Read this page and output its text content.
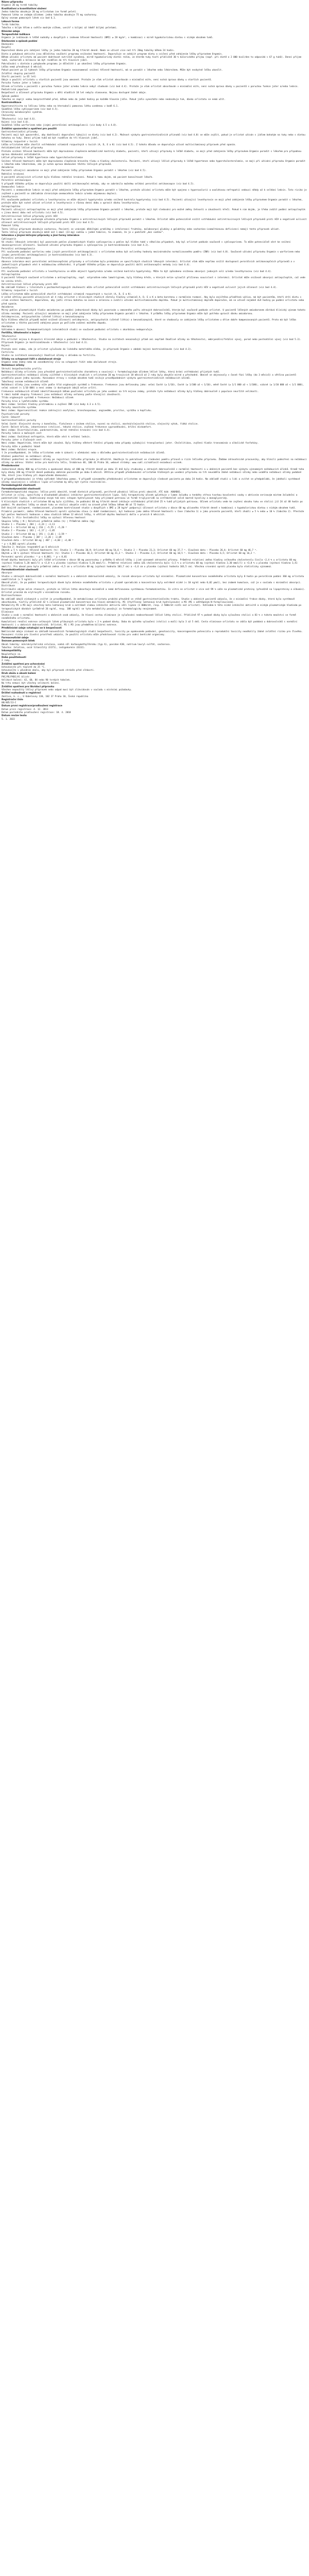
Název přípravku

Orgamin 20 mg tvrdé tobolky

Kvalitativní a kvantitativní složení

Jedna tobolka obsahuje 20 mg orlistatum (ve formě pelet).

Pomocná látka se známým účinkem: jedna tobolka obsahuje 75 mg sacharosy.

Úplný seznam pomocných látek viz bod 6.1.

Léková forma

Tvrdá tobolka.

Tobolka s bílým tělem a světle modrým víčkem, uvnitř s bílými až téměř bílými peletami.

Klinické údaje

Terapeutické indikace

Orgamin je indikován k léčbě nadváhy u dospělých s indexem tělesné hmotnosti (BMI) ≥ 28 kg/m², v kombinaci s mírně hypokalorickou dietou s nízkým obsahem tuků.

Dávkování a způsob podání

Dávkování

Dospělí

Doporučená dávka pro zahájení léčby je jedna tobolka 20 mg třikrát denně. Nemá se užívat více než tři 20mg tobolky během 24 hodin.

Dieta a pohybová aktivita jsou důležitou součástí programu snižování hmotnosti. Doporučuje se zahájit program diety a cvičení před zahájením léčby přípravkem Orgamin.

Během užívání orlistatu má pacient dodržovat nutričně vyvážený, mírně hypokalorický dietní režim, ve kterém tuky tvoří přibližně 30 % kalorického příjmu (např. při dietě o 2 000 kcal/den to odpovídá < 67 g tuků). Denní příjem tuků, sacharidů a bílkovin má být rozdělen do tří hlavních jídel.

Pokračování v dietním a pohybovém programu je důležité i po ukončení léčby přípravkem Orgamin.

Léčba nemá přesáhnout 6 měsíců.

Pokud pacient po 12 týdnech léčby přípravkem Orgamin nezaznamenal snížení tělesné hmotnosti, má se poradit s lékařem nebo lékárníkem. Může být nezbytné léčbu ukončit.

Zvláštní skupiny pacientů

Starší pacienti (≥ 65 let)

Údaje o použití orlistatu u starších pacientů jsou omezené. Protože je však orlistat absorbován v minimální míře, není nutná úprava dávky u starších pacientů.

Porucha funkce jater a ledvin

Účinek orlistatu u pacientů s poruchou funkce jater a/nebo ledvin nebyl studován (viz bod 4.4). Protože je však orlistat absorbován v minimální míře, není nutná úprava dávky u pacientů s poruchou funkce jater a/nebo ledvin.

Pediatrická populace

Bezpečnost a účinnost přípravku Orgamin u dětí mladších 18 let nebyla stanovena. Nejsou dostupné žádné údaje.

Způsob podání

Tobolka se zapíjí vodou bezprostředně před, během nebo do jedné hodiny po každém hlavním jídle. Pokud jídlo vynecháte nebo neobsahuje tuk, dávka orlistatu se nemá užít.

Kontraindikace

Hypersenzitivita na léčivou látku nebo na kteroukoli pomocnou látku uvedenou v bodě 6.1.

Souběžná léčba cyklosporinem (viz bod 4.5).

Chronický malabsorpční syndrom.

Cholestáza.

Těhotenství (viz bod 4.6).

Kojení (viz bod 4.6).

Souběžná léčba warfarinem nebo jinými perorálními antikoagulancii (viz body 4.5 a 4.8).

Zvláštní upozornění a opatření pro použití

Gastrointestinální příznaky

Pacienti mají být upozorněni, aby dodržovali doporučení týkající se diety (viz bod 4.2). Možnost výskytu gastrointestinálních příznaků (viz bod 4.8) se může zvýšit, pokud je orlistat užíván s jídlem bohatým na tuky nebo s dietou bohatou na tuky. Denní příjem tuků má být rozdělen do tří hlavních jídel.

Vitaminy rozpustné v tucích

Léčba orlistatem může zhoršit vstřebávání vitaminů rozpustných v tucích (A, D, E a K) (viz bod 4.5). Z tohoto důvodu se doporučuje užívat multivitaminový přípravek před spaním.

Antidiabetické léčivé přípravky

Protože snížení tělesné hmotnosti může být doprovázeno zlepšením metabolické kontroly diabetu, pacienti, kteří užívají přípravky k léčbě diabetu, se mají před zahájením léčby přípravkem Orgamin poradit s lékařem pro případnou úpravu dávkování antidiabetik.

Léčivé přípravky k léčbě hypertenze nebo hypercholesterolemie

Snížení tělesné hmotnosti může být doprovázeno zlepšením krevního tlaku a hladiny cholesterolu. Pacienti, kteří užívají léčivé přípravky k léčbě hypertenze nebo hypercholesterolemie, se mají při užívání přípravku Orgamin poradit s lékařem nebo lékárníkem, zda je nutná úprava dávkování těchto léčivých přípravků.

Amiodaron

Pacienti užívající amiodaron se mají před zahájením léčby přípravkem Orgamin poradit s lékařem (viz bod 4.5).

Rektální krvácení

U pacientů užívajících orlistat bylo hlášeno rektální krvácení. Pokud k tomu dojde, má pacient konzultovat lékaře.

Perorální antikoncepce

V případě těžkého průjmu se doporučuje použití další antikoncepční metody, aby se zabránilo možnému selhání perorální antikoncepce (viz bod 4.5).

Onemocnění ledvin

Pacienti s onemocněním ledvin se mají před zahájením léčby přípravkem Orgamin poradit s lékařem, protože užívání orlistatu může být spojeno s hyperoxalurií a oxalátovou nefropatií vedoucí někdy až k selhání ledvin. Toto riziko je zvýšené u pacientů se základním chronickým onemocněním ledvin a/nebo objemovou deplecí.

Levothyroxin

Při současném podávání orlistatu a levothyroxinu se může objevit hypotyreóza a/nebo snížená kontrola hypotyreózy (viz bod 4.5). Pacienti užívající levothyroxin se mají před zahájením léčby přípravkem Orgamin poradit s lékařem, protože může být nutné užívat orlistat a levothyroxin v různou denní dobu a upravit dávku levothyroxinu.

Antiepileptika

Pacienti užívající antiepileptika se mají před zahájením léčby přípravkem Orgamin poradit s lékařem, protože mají být sledováni pro možné změny četnosti a závažnosti křečí. Pokud k nim dojde, je třeba zvážit podání antiepileptik v jinou denní dobu než orlistatu (viz bod 4.5).

Antiretrovirové léčivé přípravky proti HIV

Pacienti se mají před současným užíváním přípravku Orgamin a antiretrovirových léčivých přípravků poradit s lékařem. Orlistat může potenciálně snížit vstřebávání antiretrovirových léčivých přípravků proti HIV a negativně ovlivnit účinnost antiretrovirových léčivých přípravků proti HIV (viz bod 4.5).

Pomocné látky

Tento léčivý přípravek obsahuje sacharosu. Pacienti se vzácnými dědičnými problémy s intolerancí fruktózy, malabsorpcí glukózy a galaktózy nebo sacharázo-izomaltázovou deficiencí nemají tento přípravek užívat.

Tento léčivý přípravek obsahuje méně než 1 mmol (23 mg) sodíku v jedné tobolce, to znamená, že je v podstatě „bez sodíku“.

Interakce s jinými léčivými přípravky a jiné formy interakce

Cyklosporin

Ve studii lékových interakcí byl pozorován pokles plazmatických hladin cyklosporinu a pokles byl hlášen také v několika případech, kdy byl orlistat podáván současně s cyklosporinem. To může potenciálně vést ke snížení imunosupresivní účinnosti. Současné užívání přípravku Orgamin a cyklosporinu je kontraindikováno (viz bod 4.3).

Perorální antikoagulancia

Při současném podávání warfarinu nebo jiných perorálních antikoagulancií s orlistatem mohou být ovlivněny hodnoty mezinárodního normalizovaného poměru (INR) (viz bod 4.8). Současné užívání přípravku Orgamin s warfarinem nebo jinými perorálními antikoagulancii je kontraindikováno (viz bod 4.3).

Perorální antikoncepce

Absence interakce mezi perorálními antikoncepčními přípravky a orlistatem byla prokázána ve specifických studiích lékových interakcí. Orlistat však může nepřímo snížit dostupnost perorálních antikoncepčních přípravků a v jednotlivých případech vést k nežádoucímu otěhotnění. V případě těžkého průjmu se doporučuje použití další antikoncepční metody (viz bod 4.4).

Levothyroxin

Při současném podávání orlistatu a levothyroxinu se může objevit hypotyreóza a/nebo snížená kontrola hypotyreózy. Může to být způsobeno sníženou absorpcí jodových solí a/nebo levothyroxinu (viz bod 4.4).

Antiepileptika

U pacientů léčených současně orlistatem a antiepileptiky, např. valproátem nebo lamotriginem, byly hlášeny křeče, u kterých nelze vyloučit příčinnou souvislost s interakcí. Orlistat může snižovat absorpci antiepileptik, což vede ke vzniku křečí.

Antiretrovirové léčivé přípravky proti HIV

Na základě hlášení v literatuře a postmarketingových zkušeností může orlistat potenciálně snížit vstřebávání antiretrovirových léčivých přípravků proti HIV a negativně ovlivnit jejich účinnost (viz bod 4.4).

Vitaminy rozpustné v tucích

Léčba orlistatem může potenciálně zhoršit vstřebávání vitaminů rozpustných v tucích (A, D, E a K).

U velké většiny pacientů užívajících až 4 roky orlistat v klinických studiích zůstaly hladiny vitaminů A, D, E a K a beta-karotenu v normálním rozmezí. Aby byla zajištěna přiměřená výživa, má být pacientům, kteří drží dietu s cílem snížení hmotnosti, doporučeno, aby jedli stravu bohatou na ovoce a zeleninu a zvážili užívání multivitaminového doplňku. Pokud je multivitaminový doplněk doporučen, má se užívat nejméně dvě hodiny po podání orlistatu nebo před spaním.

Amiodaron

Mírný pokles plazmatických hladin amiodaronu po podání jednorázové dávky byl pozorován u omezeného počtu zdravých dobrovolníků, kterým byl současně podáván orlistat. U pacientů léčených amiodaronem zůstává klinický význam tohoto účinku neznámý. Pacienti užívající amiodaron se mají před zahájením léčby přípravkem Orgamin poradit s lékařem. V průběhu léčby přípravkem Orgamin může být potřeba upravit dávku amiodaronu.

Antidepresiva, antipsychotika (včetně lithia) a benzodiazepiny

Bylo hlášeno několik případů možné snížené účinnosti antidepresiv, antipsychotik (včetně lithia) a benzodiazepinů, které se shodovaly se zahájením léčby orlistatem u dříve dobře kompenzovaných pacientů. Proto má být léčba orlistatem u těchto pacientů zahájena pouze po pečlivém zvážení možného dopadu.

Akarbóza

Vzhledem k absenci farmakokinetických interakčních studií se současné podávání orlistatu s akarbózou nedoporučuje.

Fertilita, těhotenství a kojení

Těhotenství

Pro orlistat nejsou k dispozici klinické údaje o podávání v těhotenství. Studie na zvířatech nenaznačují přímé ani nepřímé škodlivé účinky na těhotenství, embryonální/fetální vývoj, porod nebo postnatální vývoj (viz bod 5.3).

Přípravek Orgamin je kontraindikován v těhotenství (viz bod 4.3).

Kojení

Protože není známo, zda je orlistat vylučován do lidského mateřského mléka, je přípravek Orgamin v období kojení kontraindikován (viz bod 4.3).

Fertilita

Studie na zvířatech nenaznačují škodlivé účinky s ohledem na fertilitu.

Účinky na schopnost řídit a obsluhovat stroje

Orgamin nemá žádný nebo má zanedbatelný vliv na schopnost řídit nebo obsluhovat stroje.

Nežádoucí účinky

Shrnutí bezpečnostního profilu

Nežádoucí účinky orlistatu jsou převážně gastrointestinálního charakteru a souvisejí s farmakologickým účinkem léčivé látky, který brání vstřebávání přijatých tuků.

Gastrointestinální nežádoucí účinky zjištěné v klinických studiích s orlistatem 20 mg trvajících 18 měsíců až 2 roky byly obvykle mírné a přechodné. Obecně se objevovaly v časné fázi léčby (do 3 měsíců) a většina pacientů prodělala pouze jednu epizodu. Konzumace stravy s nízkým obsahem tuků snižuje pravděpodobnost výskytu gastrointestinálních nežádoucích účinků.

Tabulkový seznam nežádoucích účinků

Nežádoucí účinky jsou uvedeny níže podle tříd orgánových systémů a frekvence. Frekvence jsou definovány jako: velmi časté (≥ 1/10), časté (≥ 1/100 až < 1/10), méně časté (≥ 1/1 000 až < 1/100), vzácné (≥ 1/10 000 až < 1/1 000), velmi vzácné (< 1/10 000) a není známo (z dostupných údajů nelze určit).

Frekvence nežádoucích účinků identifikovaných během používání orlistatu po jeho uvedení na trh nejsou známy, protože tyto nežádoucí účinky byly hlášeny dobrovolně z populace neurčité velikosti.

V rámci každé skupiny frekvencí jsou nežádoucí účinky seřazeny podle klesající závažnosti.

Třída orgánových systémů a frekvence: Nežádoucí účinek

Poruchy krve a lymfatického systému

Není známo: Snížení hladiny protrombinu a zvýšení INR (viz body 4.3 a 4.5).

Poruchy imunitního systému

Není známo: Hypersenzitivní reakce zahrnující anafylaxi, bronchospasmus, angioedém, pruritus, vyrážku a kopřivku.

Psychiatrické poruchy

Časté: Úzkost†

Gastrointestinální poruchy

Velmi časté: Olejovité skvrny z konečníku, flatulence s únikem stolice, nucení na stolici, mastná/olejovitá stolice, olejovitý výtok, řídká stolice.

Časté: Bolest břicha, inkontinence (stolice), tekutá stolice, zvýšená frekvence vyprazdňování, břišní diskomfort.

Není známo: Divertikulitida, pankreatitida, mírné rektální krvácení (viz bod 4.4).

Poruchy ledvin a močových cest

Není známo: Oxalátová nefropatie, která může vést k selhání ledvin.

Poruchy jater a žlučových cest

Není známo: Hepatitida, která může být závažná. Byly hlášeny některé fatální případy nebo případy vyžadující transplantaci jater. Cholelitiáza, zvýšení hladin transamináz a alkalické fosfatázy.

Poruchy kůže a podkožní tkáně

Není známo: Bulózní erupce.

† Je pravděpodobné, že léčba orlistatem vede k úzkosti v očekávání nebo v důsledku gastrointestinálních nežádoucích účinků.

Hlášení podezření na nežádoucí účinky

Hlášení podezření na nežádoucí účinky po registraci léčivého přípravku je důležité. Umožňuje to pokračovat ve sledování poměru přínosů a rizik léčivého přípravku. Žádáme zdravotnické pracovníky, aby hlásili podezření na nežádoucí účinky na adresu: Státní ústav pro kontrolu léčiv, Šrobárova 48, 100 41 Praha 10, webové stránky: www.sukl.cz/nahlasit-nezadouci-ucinek.

Předávkování

Jednorázové dávky 800 mg orlistatu a opakované dávky až 400 mg třikrát denně po dobu 15 dnů byly studovány u zdravých dobrovolníků s normální hmotností a u obézních pacientů bez výskytu významných nežádoucích účinků. Kromě toho byly dávky 240 mg třikrát denně podávány obézním pacientům po dobu 6 měsíců. Většina případů předávkování orlistatem hlášených po uvedení přípravku na trh neuváděla žádné nežádoucí účinky nebo uváděla nežádoucí účinky podobné těm, které jsou hlášeny při doporučeném dávkování.

V případě předávkování je třeba vyhledat lékařskou pomoc. V případě významného předávkování orlistatem se doporučuje sledovat pacienta po dobu 24 hodin. Na základě studií u lidí a zvířat se předpokládá, že jakékoli systémové účinky související s inhibicí lipáz orlistatem by měly být rychle reverzibilní.

Farmakologické vlastnosti

Farmakodynamické vlastnosti

Farmakoterapeutická skupina: léčiva proti obezitě, kromě dietních přípravků, periferně působící léčiva proti obezitě, ATC kód: A08AB01.

Orlistat je silný, specifický a dlouhodobě působící inhibitor gastrointestinálních lipáz. Svůj terapeutický účinek uplatňuje v lumen žaludku a tenkého střeva tvorbou kovalentní vazby s aktivním serinovým místem žaludeční a pankreatické lipázy. Inaktivovaný enzym tak není schopen hydrolyzovat tuky přijímané potravou ve formě triglyceridů na vstřebatelné volné mastné kyseliny a monoglyceridy.

V klinických studiích s orlistatem 60 mg bylo zjištěno, že podávání 60 mg třikrát denně inhibuje vstřebávání přibližně 25 % tuků přijatých potravou. Účinek orlistatu vede ke zvýšení obsahu tuku ve stolici již 24 až 48 hodin po podání. Po ukončení léčby se obsah tuku ve stolici obvykle vrátí na úroveň před léčbou během 48 až 72 hodin.

Dvě dvojitě zaslepené, randomizované, placebem kontrolované studie u dospělých s BMI ≥ 28 kg/m² podporují účinnost orlistatu v dávce 60 mg užívaného třikrát denně v kombinaci s hypokalorickou dietou s nízkým obsahem tuků. Primární parametr, změna tělesné hmotnosti oproti výchozímu stavu (v době randomizace), byl hodnocen jako změna tělesné hmotnosti v čase (tabulka 1) a jako procento pacientů, kteří zhubli ≥ 5 % nebo ≥ 10 % (tabulka 2). Přestože byl pokles hmotnosti hodnocen v obou studiích během 12 měsíců léčby, k většině úbytku hmotnosti došlo v prvních 6 měsících.

Tabulka 1: Vliv šestiměsíční léčby na výchozí tělesnou hmotnost

Skupina léčby | N | Relativní průměrná změna (%) | Průměrná změna (kg)

Studie 1 — Placebo | 204 | −3,24 | −3,11

Studie 1 — Orlistat 60 mg | 216 | −5,55 | −5,20 ᵃ

Studie 2 — Placebo | 183 | −1,17 | −1,05

Studie 2 — Orlistat 60 mg | 191 | −3,66 | −3,59 ᵃ

Sloučená data — Placebo | 387 | −2,20 | −2,09

Sloučená data — Orlistat 60 mg | 407 | −4,60 | −4,40 ᵃ

ᵃ p < 0,001 oproti placebu

Tabulka 2: Analýza respondérů po 6 měsících

Úbytek ≥ 5 % výchozí tělesné hmotnosti (%): Studie 1 — Placebo 30,9; Orlistat 60 mg 54,6 ᵃ. Studie 2 — Placebo 21,3; Orlistat 60 mg 37,7 ᵃ. Sloučená data — Placebo 26,4; Orlistat 60 mg 46,7 ᵃ.

Úbytek ≥ 10 % výchozí tělesné hmotnosti (%): Studie 1 — Placebo 10,3; Orlistat 60 mg 21,3 ᵇ. Studie 2 — Placebo 2,2; Orlistat 60 mg 10,5 ᵇ. Sloučená data — Placebo 6,5; Orlistat 60 mg 16,2 ᵃ.

Porovnání oproti placebu: ᵃ p < 0,001; ᵇ p < 0,01

Kromě úbytku hmotnosti byly při léčbě orlistatem v dávce 60 mg pozorovány v průběhu 6 měsíců léčby i jiné významné zdravotní přínosy. Průměrná relativní změna hladiny celkového cholesterolu činila −2,4 % u orlistatu 60 mg (výchozí hladina 5,20 mmol/l) a +2,8 % u placeba (výchozí hladina 5,26 mmol/l). Průměrná relativní změna LDL-cholesterolu byla −3,5 % u orlistatu 60 mg (výchozí hladina 3,30 mmol/l) a +3,8 % u placeba (výchozí hladina 3,41 mmol/l). Pro obvod pasu byla průměrná změna −4,5 cm u orlistatu 60 mg (výchozí hodnota 103,7 cm) a −3,6 cm u placeba (výchozí hodnota 103,5 cm). Všechna srovnání oproti placebu byla statisticky významná.

Farmakokinetické vlastnosti

Absorpce

Studie u zdravých dobrovolníků s normální hmotností a u obézních dobrovolníků ukázaly, že rozsah absorpce orlistatu byl minimální. Plazmatické koncentrace nezměněného orlistatu byly 8 hodin po perorálním podání 360 mg orlistatu neměřitelné (< 5 ng/ml).

Obecně platí, že po podání terapeutických dávek byla detekce nezměněného orlistatu v plazmě sporadická a koncentrace byly extrémně nízké (< 10 ng/ml nebo 0,02 µmol), bez známek kumulace, což je v souladu s minimální absorpcí.

Distribuce

Distribuční objem nelze stanovit, protože se léčivá látka absorbuje minimálně a nemá definovanou systémovou farmakokinetiku. In vitro se orlistat z více než 99 % váže na plazmatické proteiny (převážně na lipoproteiny a albumin). Orlistat proniká do erytrocytů v minimálním rozsahu.

Biotransformace

Na základě údajů získaných u zvířat je pravděpodobné, že metabolismus orlistatu probíhá převážně ve stěně gastrointestinálního traktu. Studie u obézních pacientů ukázala, že z minimální frakce dávky, která byla systémově absorbována, tvořily přibližně 42 % celkové plazmatické koncentrace dva hlavní metabolity, M1 (čtyřčlenný laktonový kruh hydrolyzován) a M3 (M1 s odštěpeným N-formylleucinem).

Metabolity M1 a M3 mají otevřený beta-laktonový kruh a extrémně slabou inhibiční aktivitu vůči lipáze (1 000krát, resp. 2 500krát nižší než orlistat). Vzhledem k této nízké inhibiční aktivitě a nízkým plazmatickým hladinám po terapeutických dávkách (průměrně 26 ng/ml, resp. 108 ng/ml) se tyto metabolity považují za farmakologicky nevýznamné.

Eliminace

Studie u osob s normální hmotností a obézních osob ukázaly, že hlavní cestou eliminace je vylučování neabsorbované léčivé látky stolicí. Přibližně 97 % podané dávky bylo vyloučeno stolicí a 83 % z tohoto množství ve formě nezměněného orlistatu.

Kumulativní renální exkrece celkových látek příbuzných orlistatu byla < 2 % podané dávky. Doba do úplného vyloučení (stolicí a močí) byla 3 až 5 dnů. Cesta eliminace orlistatu se zdála být podobná u dobrovolníků s normální hmotností i u obézních dobrovolníků. Orlistat, M1 i M3 jsou předmětem biliární exkrece.

Předklinické údaje vztahující se k bezpečnosti

Neklinické údaje získané na základě konvenčních farmakologických studií bezpečnosti, toxicity po opakovaném podávání, genotoxicity, kancerogenního potenciálu a reprodukční toxicity neodhalily žádné zvláštní riziko pro člověka.

Posouzení rizika pro životní prostředí ukázalo, že použití orlistatu může představovat riziko pro vodní bentické organismy.

Farmaceutické údaje

Seznam pomocných látek

Obsah tobolky: mikrokrystalická celulosa, sodná sůl karboxymethylškrobu (typ A), povidon K30, natrium-lauryl-sulfát, sacharosa.

Tobolka: želatina, oxid titaničitý (E171), indigokarmín (E132).

Inkompatibility

Neuplatňuje se.

Doba použitelnosti

2 roky.

Zvláštní opatření pro uchovávání

Uchovávejte při teplotě do 25 °C.

Uchovávejte v původním obalu, aby byl přípravek chráněn před vlhkostí.

Druh obalu a obsah balení

PVC/PE/PVDC/Al blistr.

Velikost balení: 42, 60, 84 nebo 90 tvrdých tobolek.

Na trhu nemusí být všechny velikosti balení.

Zvláštní opatření pro likvidaci přípravku

Všechen nepoužitý léčivý přípravek nebo odpad musí být zlikvidován v souladu s místními požadavky.

Držitel rozhodnutí o registraci

Zentiva, k. s., U Kabelovny 130, 102 37 Praha 10, Česká republika

Registrační číslo

08/405/13-C

Datum první registrace/prodloužení registrace

Datum první registrace: 4. 12. 2013

Datum posledního prodloužení registrace: 18. 4. 2018

Datum revize textu

5. 1. 2022
